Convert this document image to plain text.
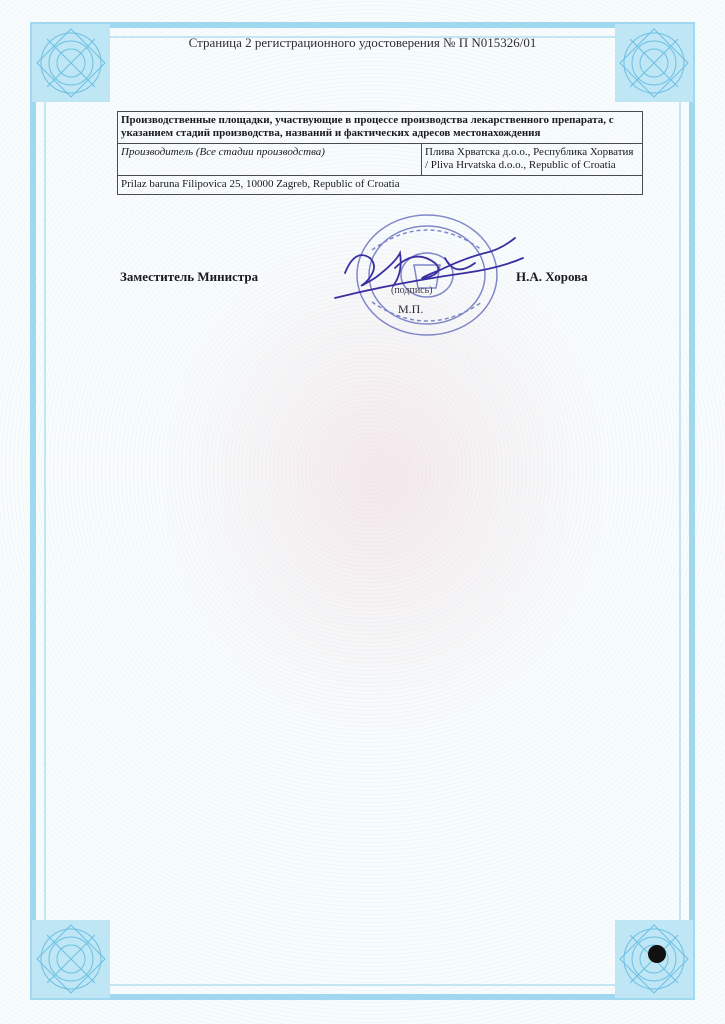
Страница 2 регистрационного удостоверения № П N015326/01
Производственные площадки, участвующие в процессе производства лекарственного препарата, с указанием стадий производства, названий и фактических адресов местонахождения
Производитель (Все стадии производства)	Плива Хрватска д.о.о., Республика Хорватия / Pliva Hrvatska d.o.o., Republic of Croatia
Prilaz baruna Filipovica 25, 10000 Zagreb, Republic of Croatia
Заместитель Министра	Н.А. Хорова
(подпись)
М.П.
